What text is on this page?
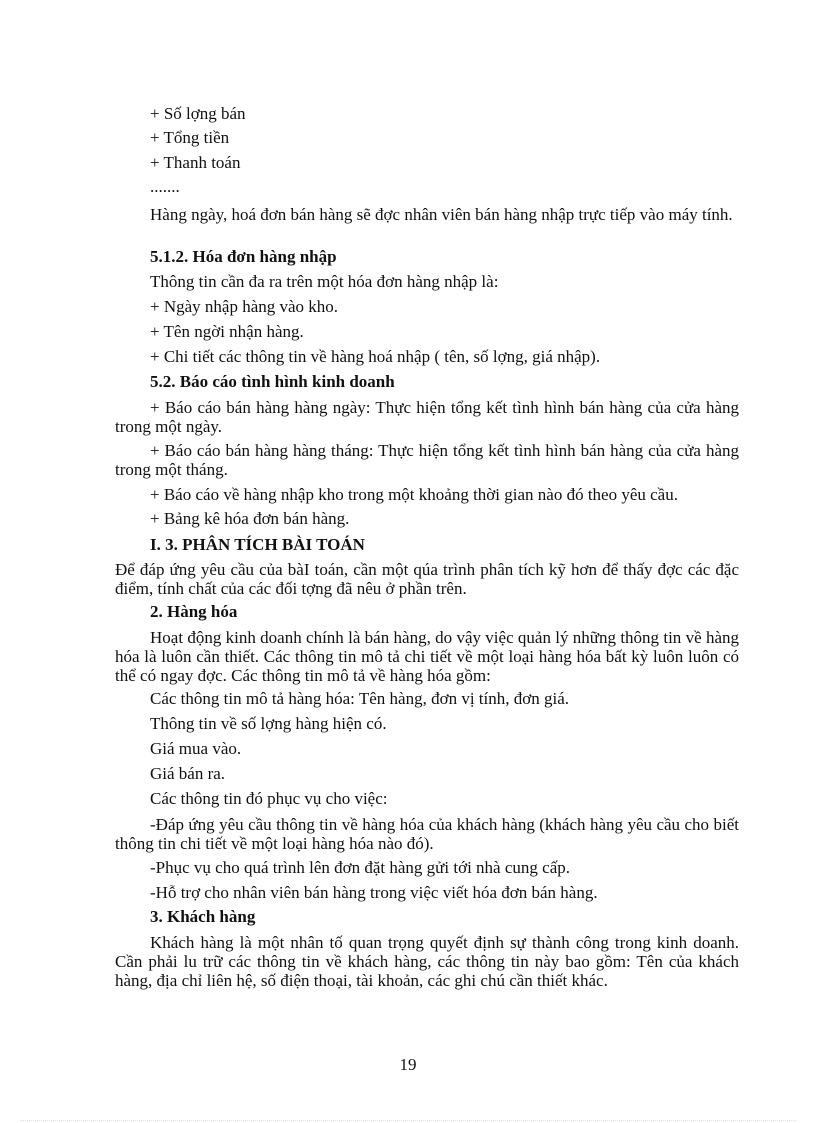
+ Số lợng bán
+ Tổng tiền
+ Thanh toán
.......
Hàng ngày, hoá đơn bán hàng sẽ đợc nhân viên bán hàng nhập trực tiếp vào máy tính.
5.1.2. Hóa đơn hàng nhập
Thông tin cần đa ra trên một hóa đơn hàng nhập là:
+ Ngày nhập hàng vào kho.
+ Tên ngời nhận hàng.
+ Chi tiết các thông tin về hàng hoá nhập ( tên, số lợng, giá nhập).
5.2. Báo cáo tình hình kinh doanh
+ Báo cáo bán hàng hàng ngày: Thực hiện tổng kết tình hình bán hàng của cửa hàng trong một ngày.
+ Báo cáo bán hàng hàng tháng: Thực hiện tổng kết tình hình bán hàng của cửa hàng trong một tháng.
+ Báo cáo về hàng nhập kho trong một khoảng thời gian nào đó theo yêu cầu.
+ Bảng kê hóa đơn bán hàng.
I. 3. PHÂN TÍCH BÀI TOÁN
Để đáp ứng yêu cầu của bàI toán, cần một qúa trình phân tích kỹ hơn để thấy đợc các đặc điểm, tính chất của các đối tợng đã nêu ở phần trên.
2. Hàng hóa
Hoạt động kinh doanh chính là bán hàng, do vậy việc quản lý những thông tin về hàng hóa là luôn cần thiết. Các thông tin mô tả chi tiết về một loại hàng hóa bất kỳ luôn luôn có thể có ngay đợc. Các thông tin mô tả về hàng hóa gồm:
Các thông tin mô tả hàng hóa: Tên hàng, đơn vị tính, đơn giá.
Thông tin về số lợng hàng hiện có.
Giá mua vào.
Giá bán ra.
Các thông tin đó phục vụ cho việc:
-Đáp ứng yêu cầu thông tin về hàng hóa của khách hàng (khách hàng yêu cầu cho biết thông tin chi tiết về một loại hàng hóa nào đó).
-Phục vụ cho quá trình lên đơn đặt hàng gửi tới nhà cung cấp.
-Hỗ trợ cho nhân viên bán hàng trong việc viết hóa đơn bán hàng.
3. Khách hàng
Khách hàng là một nhân tố quan trọng quyết định sự thành công trong kinh doanh. Cần phải lu trữ các thông tin về khách hàng, các thông tin này bao gồm: Tên của khách hàng, địa chỉ liên hệ, số điện thoại, tài khoản, các ghi chú cần thiết khác.
19
